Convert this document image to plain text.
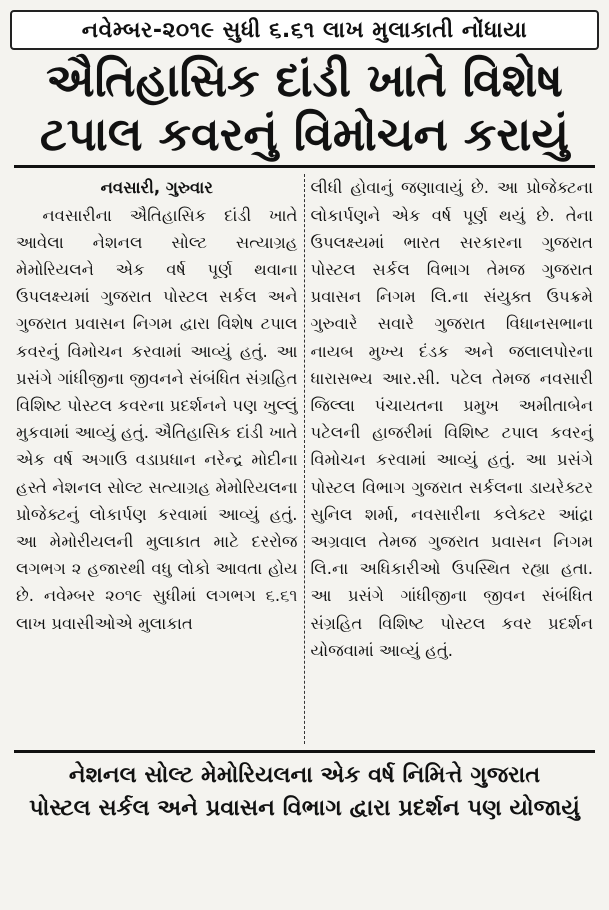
નવેમ્બર-૨૦૧૯ સુધી ૬.૬૧ લાખ મુલાકાતી નોંધાયા
ઐતિહાસિક દાંડી ખાતે વિશેષ
ટપાલ કવરનું વિમોચન કરાયું
નવસારી, ગુરુવાર
નવસારીના ઐતિહાસિક દાંડી ખાતે આવેલા નેશનલ સોલ્ટ સત્યાગ્રહ મેમોરિયલને એક વર્ષ પૂર્ણ થવાના ઉપલક્ષ્યમાં ગુજરાત પોસ્ટલ સર્કલ અને ગુજરાત પ્રવાસન નિગમ દ્વારા વિશેષ ટપાલ કવરનું વિમોચન કરવામાં આવ્યું હતું. આ પ્રસંગે ગાંધીજીના જીવનને સંબંધિત સંગ્રહિત વિશિષ્ટ પોસ્ટલ કવરના પ્રદર્શનને પણ ખુલ્લું મુકવામાં આવ્યું હતું. ઐતિહાસિક દાંડી ખાતે એક વર્ષ અગાઉ વડાપ્રધાન નરેન્દ્ર મોદીના હસ્તે નેશનલ સોલ્ટ સત્યાગ્રહ મેમોરિયલના પ્રોજેક્ટનું લોકાર્પણ કરવામાં આવ્યું હતું. આ મેમોરીયલની મુલાકાત માટે દરરોજ લગભગ ૨ હજારથી વધુ લોકો આવતા હોય છે. નવેમ્બર ૨૦૧૯ સુધીમાં લગભગ ૬.૬૧ લાખ પ્રવાસીઓએ મુલાકાત
લીધી હોવાનું જણાવાયું છે. આ પ્રોજેક્ટના લોકાર્પણને એક વર્ષ પૂર્ણ થયું છે. તેના ઉપલક્ષ્યમાં ભારત સરકારના ગુજરાત પોસ્ટલ સર્કલ વિભાગ તેમજ ગુજરાત પ્રવાસન નિગમ લિ.ના સંયુક્ત ઉપક્રમે ગુરુવારે સવારે ગુજરાત વિધાનસભાના નાયબ મુખ્ય દંડક અને જલાલપોરના ધારાસભ્ય આર.સી. પટેલ તેમજ નવસારી જિલ્લા પંચાયતના પ્રમુખ અમીતાબેન પટેલની હાજરીમાં વિશિષ્ટ ટપાલ કવરનું વિમોચન કરવામાં આવ્યું હતું. આ પ્રસંગે પોસ્ટલ વિભાગ ગુજરાત સર્કલના ડાયરેક્ટર સુનિલ શર્મા, નવસારીના કલેક્ટર આંદ્રા અગ્રવાલ તેમજ ગુજરાત પ્રવાસન નિગમ લિ.ના અધિકારીઓ ઉપસ્થિત રહ્યા હતા. આ પ્રસંગે ગાંધીજીના જીવન સંબંધિત સંગ્રહિત વિશિષ્ટ પોસ્ટલ કવર પ્રદર્શન યોજવામાં આવ્યું હતું.
નેશનલ સોલ્ટ મેમોરિયલના એક વર્ષ નિમિત્તે ગુજરાત
પોસ્ટલ સર્કલ અને પ્રવાસન વિભાગ દ્વારા પ્રદર્શન પણ યોજાયું
